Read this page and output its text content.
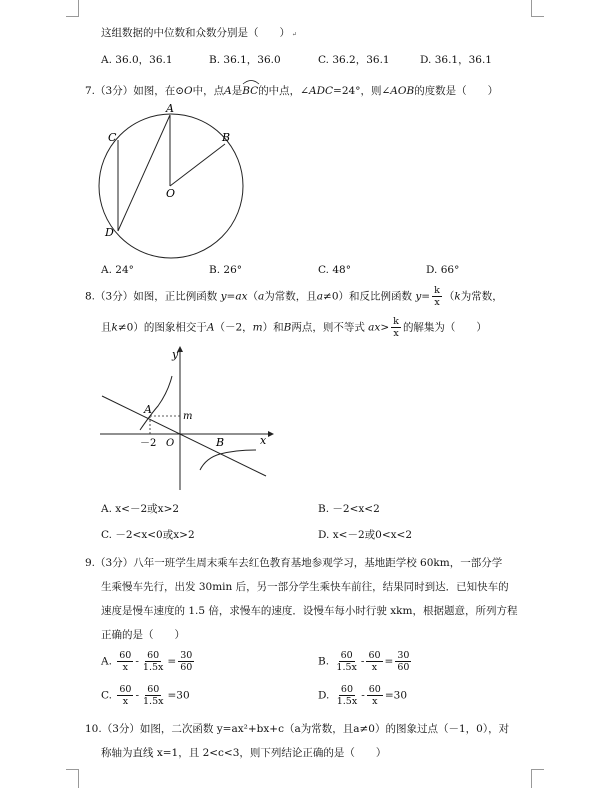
这组数据的中位数和众数分别是（　　） ↵
A. 36.0，36.1	B. 36.1，36.0	C. 36.2，36.1	D. 36.1，36.1
7.（3分）如图，在⊙O中，点A是
BC的中点，∠ADC=24°，则∠AOB的度数是（　　）
A
B
C
D
O
A. 24°	B. 26°	C. 48°	D. 66°
8.（3分）如图，正比例函数 y=ax（a为常数，且a≠0）和反比例函数 $y= \frac{k}{x} (k$为常数，
且k≠0）的图象相交于A（－2，m）和B两点，则不等式 $ax> \frac{k}{x}$ 的解集为（　　）
y
x
A
m
－2 O	B
A. x<－2或x>2	B. －2<x<2
C. －2<x<0或x>2	D. x<－2或0<x<2
9.（3分）八年一班学生周末乘车去红色教育基地参观学习，基地距学校 60km，一部分学
生乘慢车先行，出发 30min 后，另一部分学生乘快车前往，结果同时到达．已知快车的
速度是慢车速度的 1.5 倍，求慢车的速度．设慢车每小时行驶 xkm，根据题意，所列方程
正确的是（　　）
A. $\frac{60}{x} - \frac{60}{1.5x} = \frac{30}{60}$	B. $\frac{60}{1.5x} - \frac{60}{x} = \frac{30}{60}$
C. $\frac{60}{x} - \frac{60}{1.5x} =30$	D. $\frac{60}{1.5x} - \frac{60}{x} =30$
10.（3分）如图，二次函数 y=ax²+bx+c（a为常数，且a≠0）的图象过点（－1，0），对
称轴为直线 x=1，且 2<c<3，则下列结论正确的是（　　）
